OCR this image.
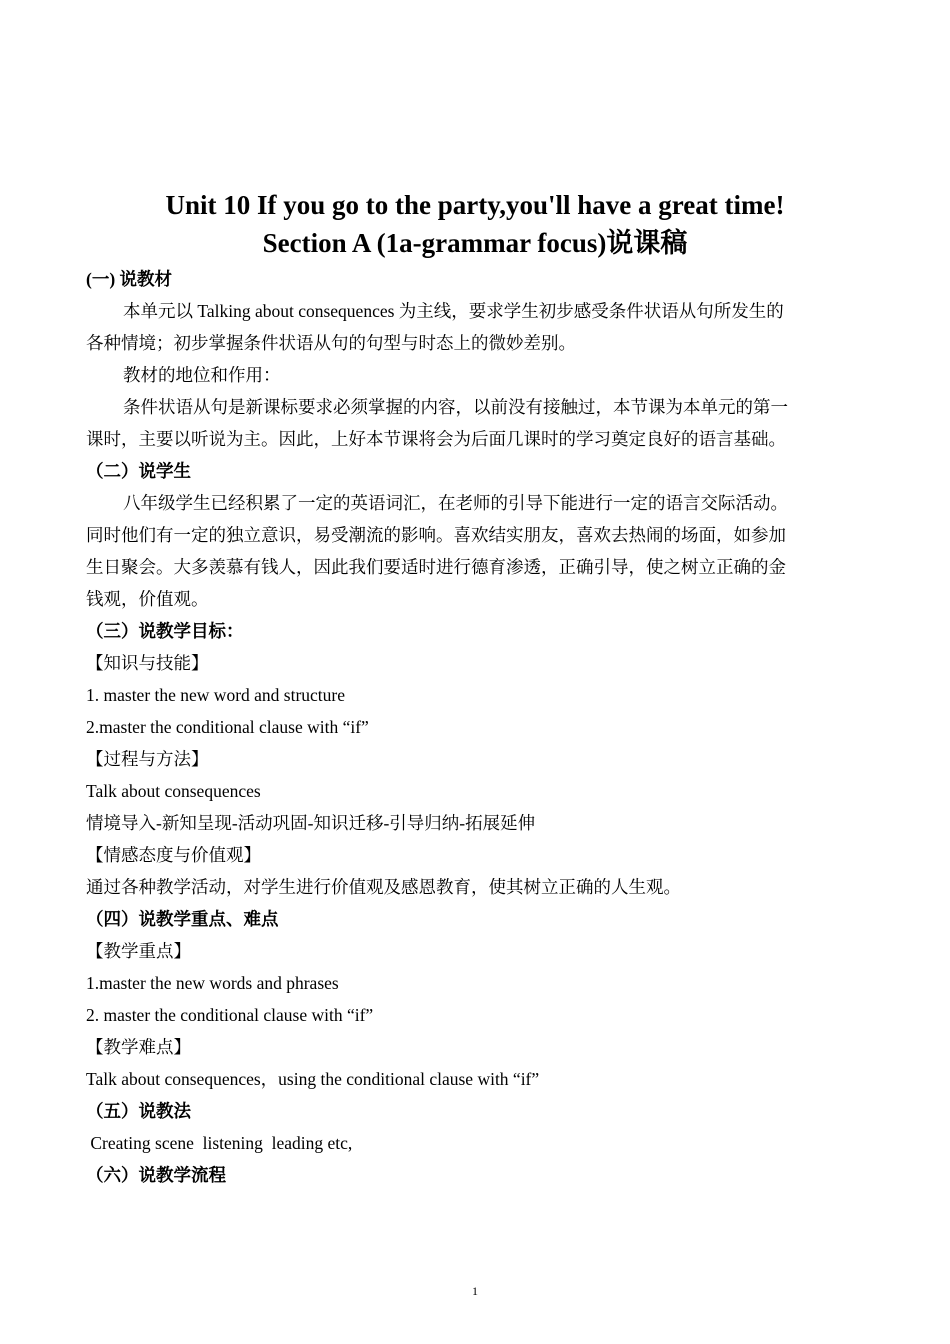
Unit 10 If you go to the party,you'll have a great time!
Section A (1a-grammar focus)说课稿
(一) 说教材
本单元以 Talking about consequences 为主线，要求学生初步感受条件状语从句所发生的
各种情境；初步掌握条件状语从句的句型与时态上的微妙差别。
教材的地位和作用：
条件状语从句是新课标要求必须掌握的内容，以前没有接触过，本节课为本单元的第一
课时，主要以听说为主。因此，上好本节课将会为后面几课时的学习奠定良好的语言基础。
（二）说学生
八年级学生已经积累了一定的英语词汇，在老师的引导下能进行一定的语言交际活动。
同时他们有一定的独立意识，易受潮流的影响。喜欢结实朋友，喜欢去热闹的场面，如参加
生日聚会。大多羡慕有钱人，因此我们要适时进行德育渗透，正确引导，使之树立正确的金
钱观，价值观。
（三）说教学目标：
【知识与技能】
1. master the new word and structure
2.master the conditional clause with “if”
【过程与方法】
Talk about consequences
情境导入-新知呈现-活动巩固-知识迁移-引导归纳-拓展延伸
【情感态度与价值观】
通过各种教学活动，对学生进行价值观及感恩教育，使其树立正确的人生观。
（四）说教学重点、难点
【教学重点】
1.master the new words and phrases
2. master the conditional clause with “if”
【教学难点】
Talk about consequences，using the conditional clause with “if”
（五）说教法
Creating scene  listening  leading etc,
（六）说教学流程
1
